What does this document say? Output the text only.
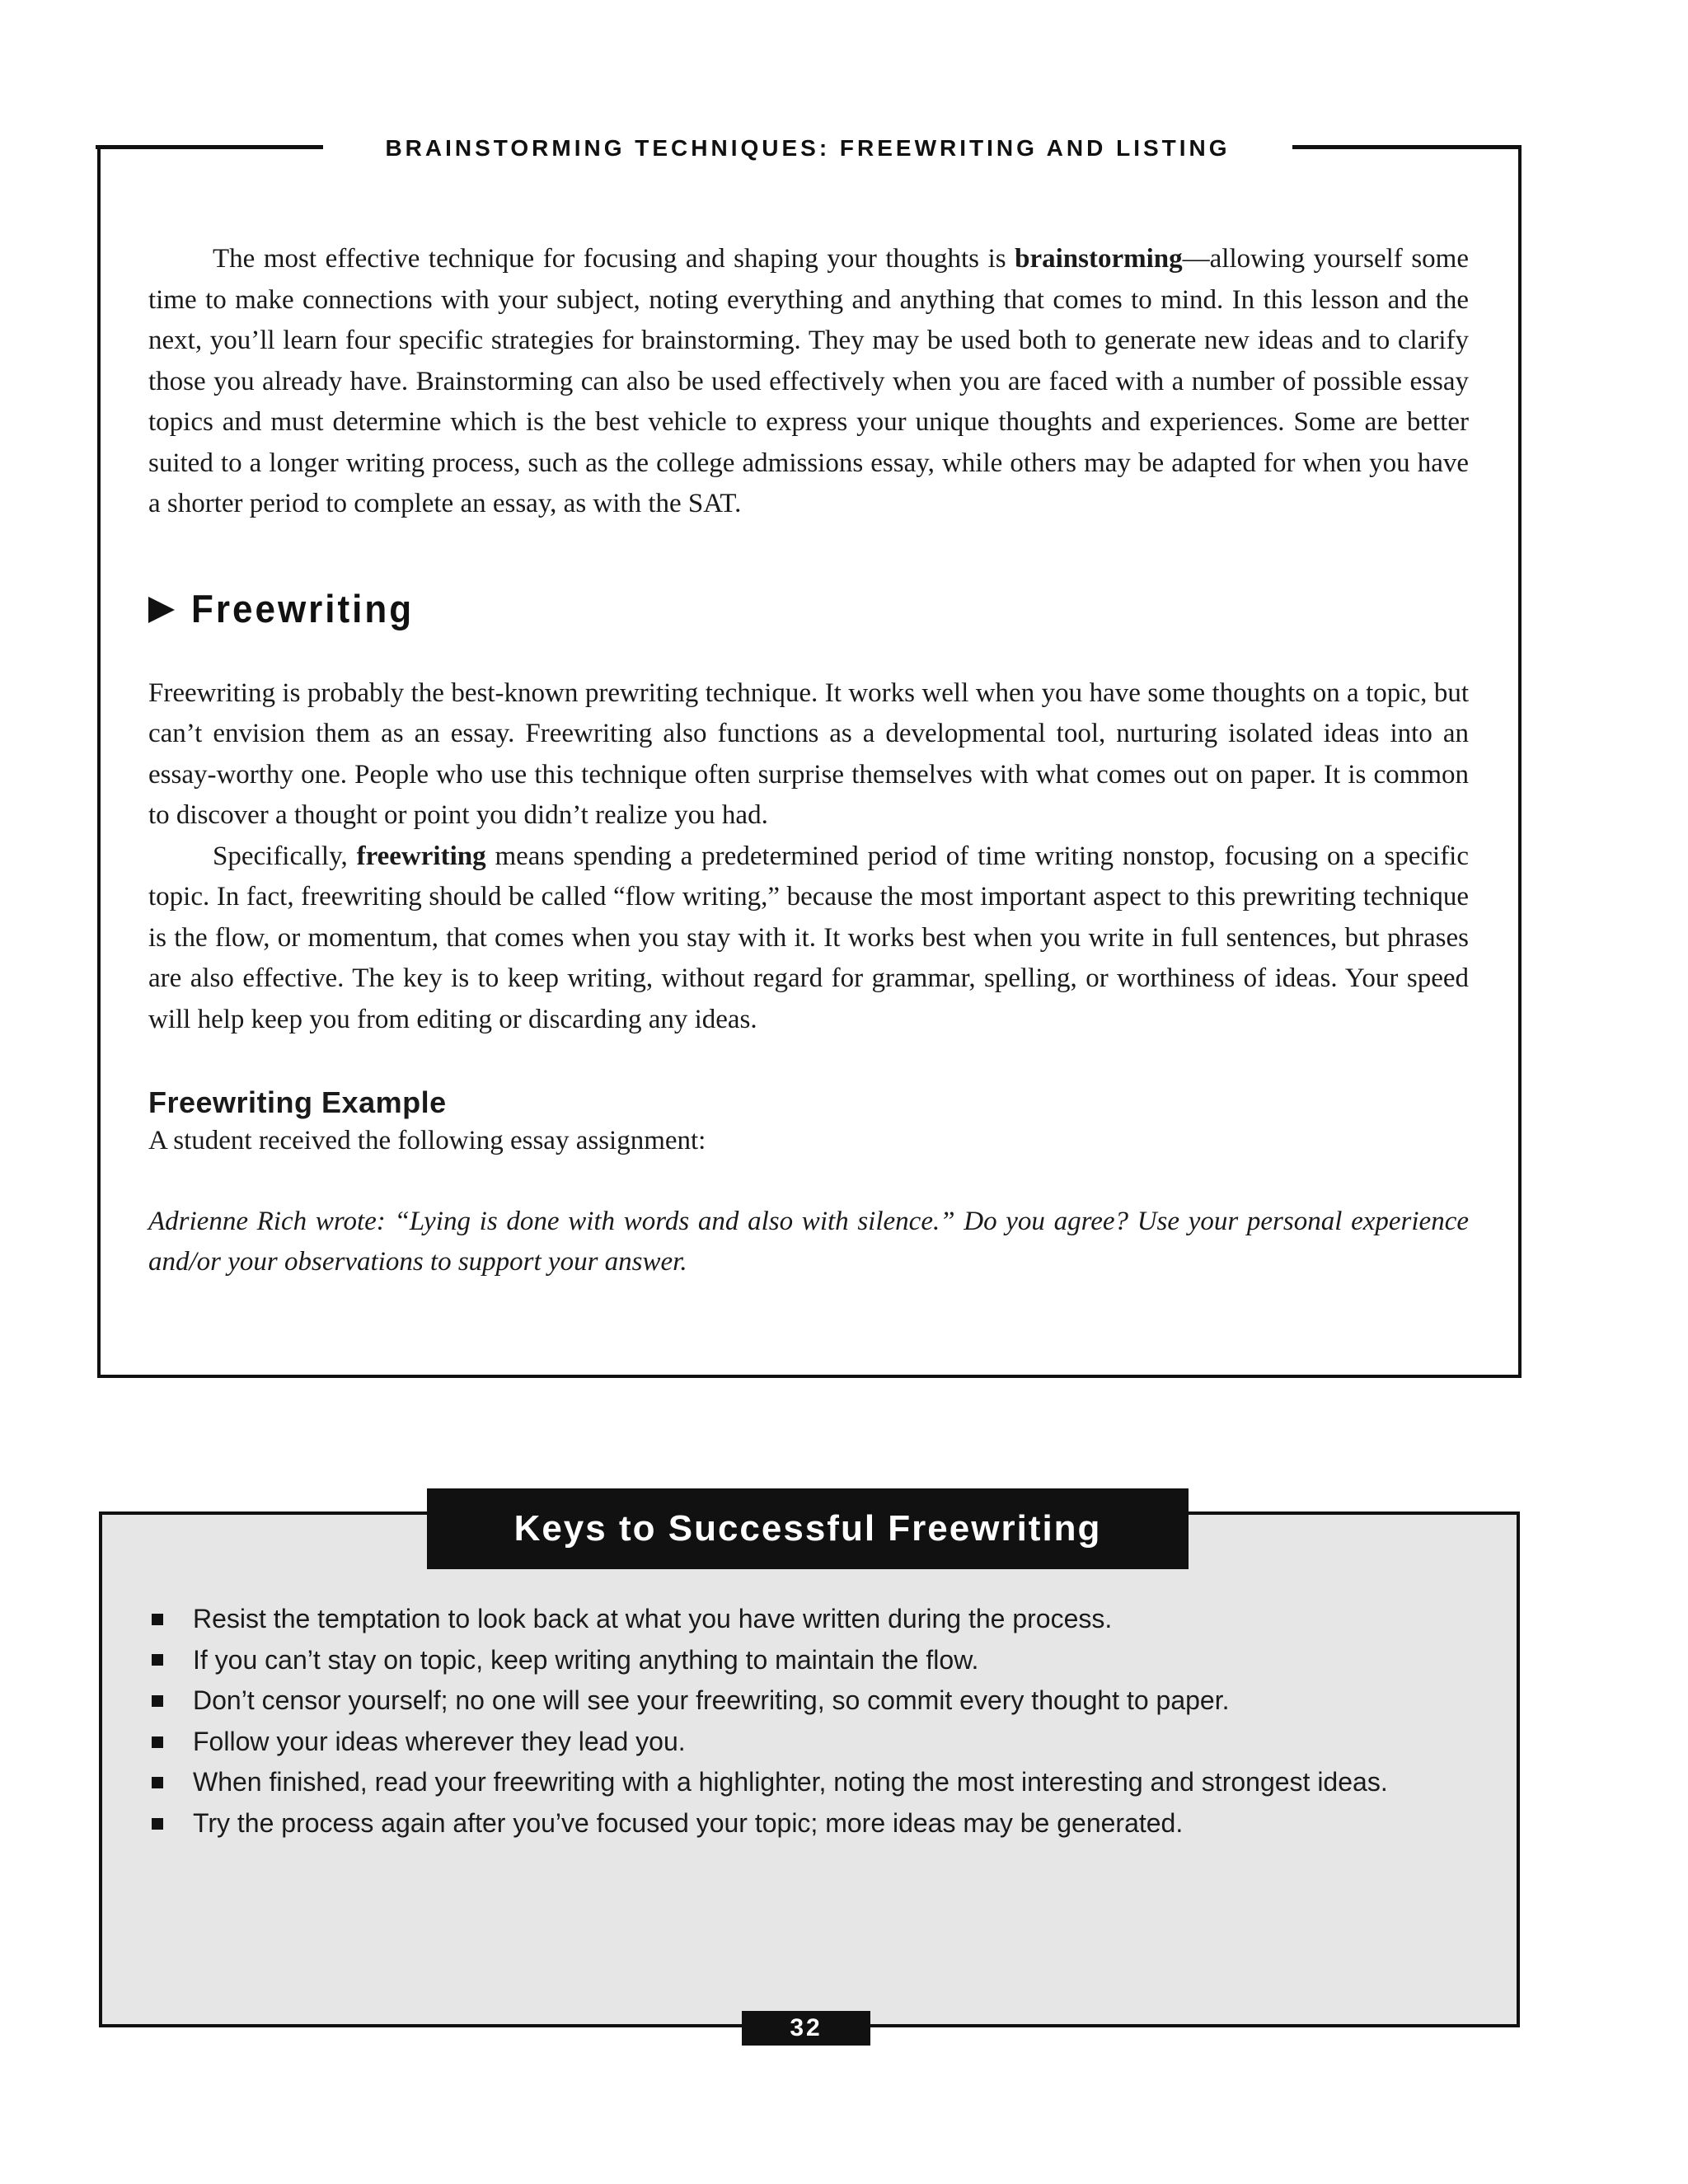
BRAINSTORMING TECHNIQUES: FREEWRITING AND LISTING

The most effective technique for focusing and shaping your thoughts is brainstorming—allowing yourself some time to make connections with your subject, noting everything and anything that comes to mind. In this lesson and the next, you’ll learn four specific strategies for brainstorming. They may be used both to generate new ideas and to clarify those you already have. Brainstorming can also be used effectively when you are faced with a number of possible essay topics and must determine which is the best vehicle to express your unique thoughts and experiences. Some are better suited to a longer writing process, such as the college admissions essay, while others may be adapted for when you have a shorter period to complete an essay, as with the SAT.

Freewriting

Freewriting is probably the best-known prewriting technique. It works well when you have some thoughts on a topic, but can’t envision them as an essay. Freewriting also functions as a developmental tool, nurturing isolated ideas into an essay-worthy one. People who use this technique often surprise themselves with what comes out on paper. It is common to discover a thought or point you didn’t realize you had.

Specifically, freewriting means spending a predetermined period of time writing nonstop, focusing on a specific topic. In fact, freewriting should be called “flow writing,” because the most important aspect to this prewriting technique is the flow, or momentum, that comes when you stay with it. It works best when you write in full sentences, but phrases are also effective. The key is to keep writing, without regard for grammar, spelling, or worthiness of ideas. Your speed will help keep you from editing or discarding any ideas.

Freewriting Example

A student received the following essay assignment:

Adrienne Rich wrote: “Lying is done with words and also with silence.” Do you agree? Use your personal experience and/or your observations to support your answer.

Keys to Successful Freewriting
Resist the temptation to look back at what you have written during the process.
If you can’t stay on topic, keep writing anything to maintain the flow.
Don’t censor yourself; no one will see your freewriting, so commit every thought to paper.
Follow your ideas wherever they lead you.
When finished, read your freewriting with a highlighter, noting the most interesting and strongest ideas.
Try the process again after you’ve focused your topic; more ideas may be generated.
32
